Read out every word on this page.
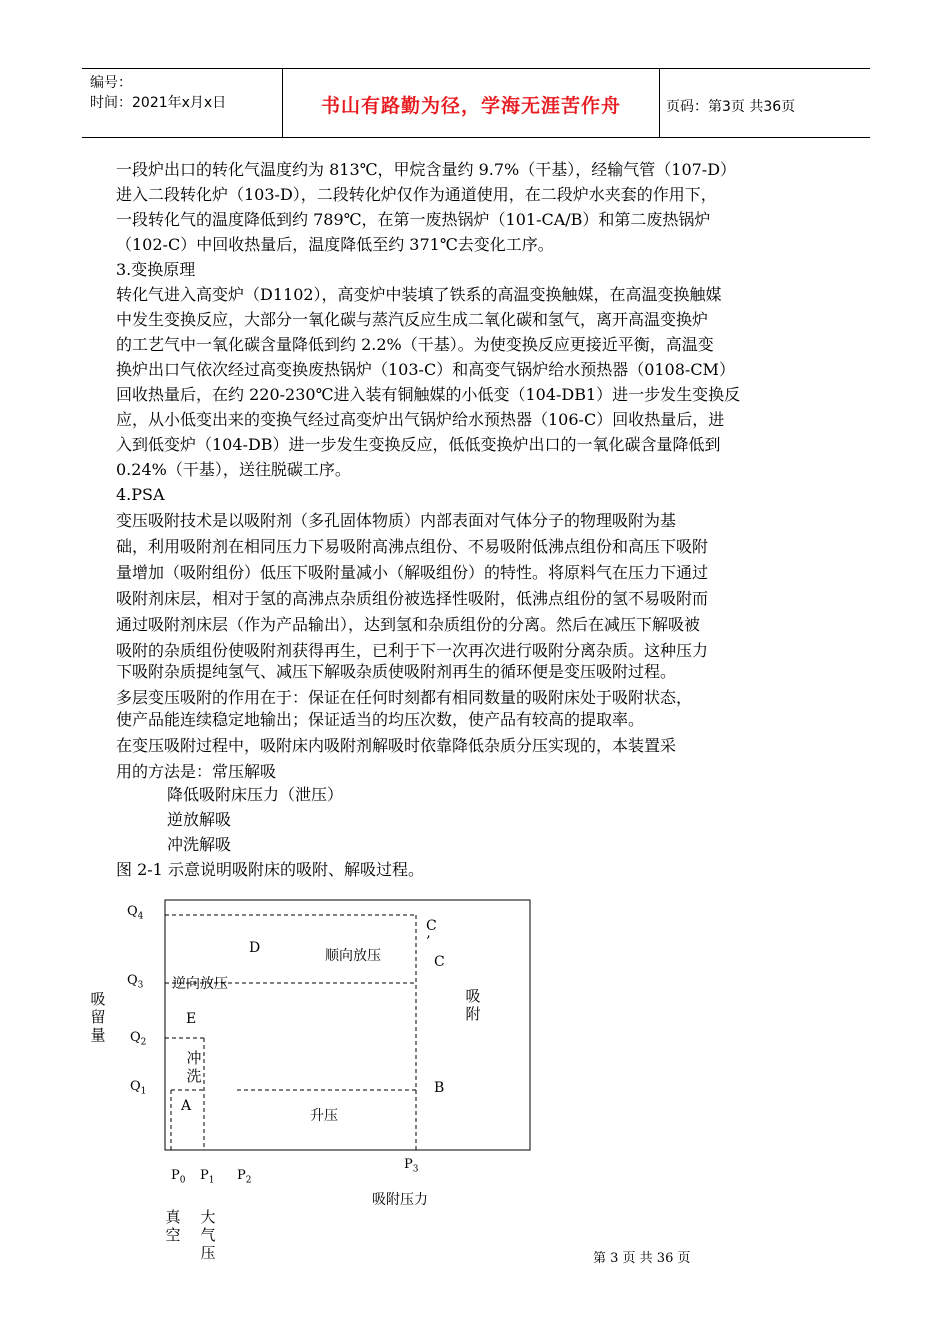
编号：
时间：2021年x月x日	书山有路勤为径，学海无涯苦作舟	页码：第3页 共36页
一段炉出口的转化气温度约为 813℃，甲烷含量约 9.7%（干基），经输气管（107-D）
进入二段转化炉（103-D），二段转化炉仅作为通道使用，在二段炉水夹套的作用下，
一段转化气的温度降低到约 789℃，在第一废热锅炉（101-CA/B）和第二废热锅炉
（102-C）中回收热量后，温度降低至约 371℃去变化工序。
3.变换原理
转化气进入高变炉（D1102），高变炉中装填了铁系的高温变换触媒，在高温变换触媒
中发生变换反应，大部分一氧化碳与蒸汽反应生成二氧化碳和氢气，离开高温变换炉
的工艺气中一氧化碳含量降低到约 2.2%（干基）。为使变换反应更接近平衡，高温变
换炉出口气依次经过高变换废热锅炉（103-C）和高变气锅炉给水预热器（0108-CM）
回收热量后，在约 220-230℃进入装有铜触媒的小低变（104-DB1）进一步发生变换反
应，从小低变出来的变换气经过高变炉出气锅炉给水预热器（106-C）回收热量后，进
入到低变炉（104-DB）进一步发生变换反应，低低变换炉出口的一氧化碳含量降低到
0.24%（干基），送往脱碳工序。
4.PSA
变压吸附技术是以吸附剂（多孔固体物质）内部表面对气体分子的物理吸附为基
础，利用吸附剂在相同压力下易吸附高沸点组份、不易吸附低沸点组份和高压下吸附
量增加（吸附组份）低压下吸附量减小（解吸组份）的特性。将原料气在压力下通过
吸附剂床层，相对于氢的高沸点杂质组份被选择性吸附，低沸点组份的氢不易吸附而
通过吸附剂床层（作为产品输出），达到氢和杂质组份的分离。然后在减压下解吸被
吸附的杂质组份使吸附剂获得再生，已利于下一次再次进行吸附分离杂质。这种压力
下吸附杂质提纯氢气、减压下解吸杂质使吸附剂再生的循环便是变压吸附过程。
多层变压吸附的作用在于：保证在任何时刻都有相同数量的吸附床处于吸附状态，
使产品能连续稳定地输出；保证适当的均压次数，使产品有较高的提取率。
在变压吸附过程中，吸附床内吸附剂解吸时依靠降低杂质分压实现的，本装置采
用的方法是：常压解吸
降低吸附床压力（泄压）
逆放解吸
冲洗解吸
图 2-1 示意说明吸附床的吸附、解吸过程。
$Q_4$
$Q_3$
$Q_2$
$Q_1$
吸
留
量
D	顺向放压
C
’
C
逆向放压
吸
附
E
冲
洗
A
B
升压
$P_3$
$P_0$ $P_1$ $P_2$
吸附压力
真
空
大
气
压	第 3 页 共 36 页
